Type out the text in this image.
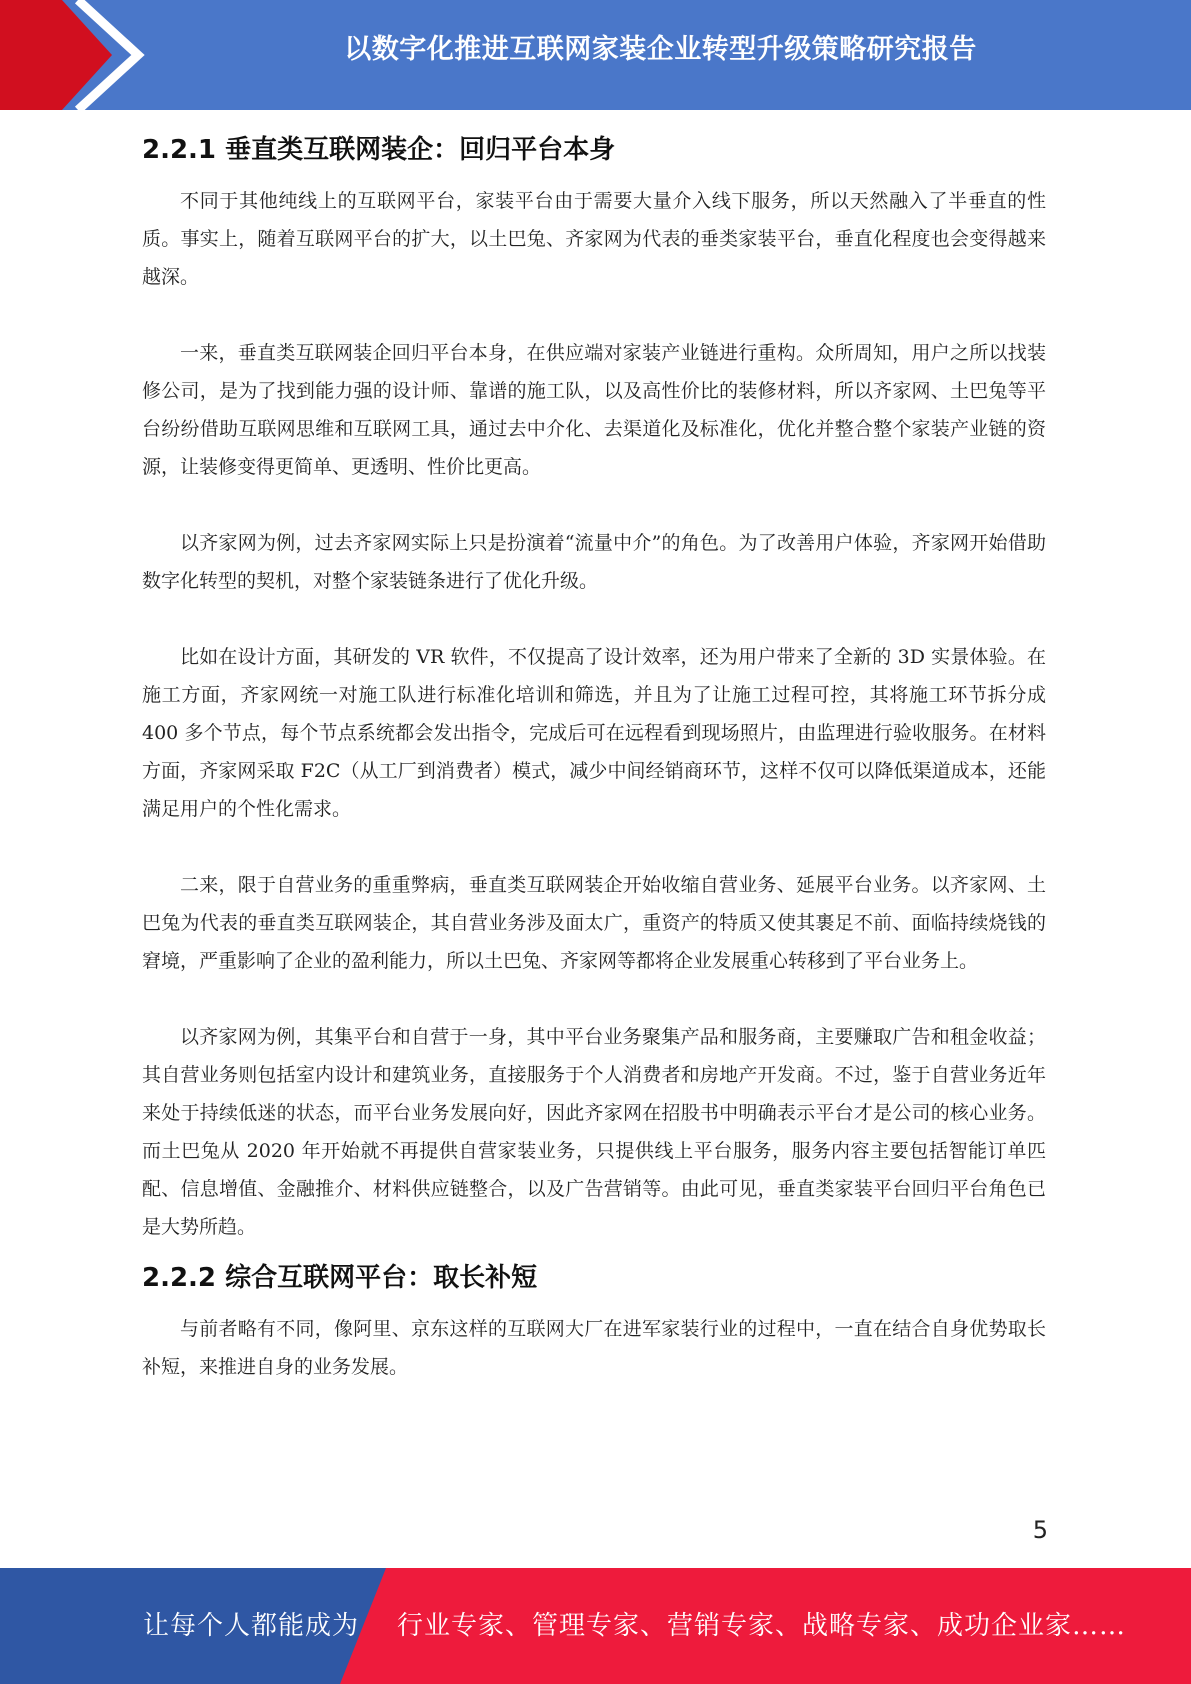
以数字化推进互联网家装企业转型升级策略研究报告
2.2.1 垂直类互联网装企：回归平台本身

不同于其他纯线上的互联网平台，家装平台由于需要大量介入线下服务，所以天然融入了半垂直的性质。事实上，随着互联网平台的扩大，以土巴兔、齐家网为代表的垂类家装平台，垂直化程度也会变得越来越深。

一来，垂直类互联网装企回归平台本身，在供应端对家装产业链进行重构。众所周知，用户之所以找装修公司，是为了找到能力强的设计师、靠谱的施工队，以及高性价比的装修材料，所以齐家网、土巴兔等平台纷纷借助互联网思维和互联网工具，通过去中介化、去渠道化及标准化，优化并整合整个家装产业链的资源，让装修变得更简单、更透明、性价比更高。

以齐家网为例，过去齐家网实际上只是扮演着“流量中介”的角色。为了改善用户体验，齐家网开始借助数字化转型的契机，对整个家装链条进行了优化升级。

比如在设计方面，其研发的 VR 软件，不仅提高了设计效率，还为用户带来了全新的 3D 实景体验。在施工方面，齐家网统一对施工队进行标准化培训和筛选，并且为了让施工过程可控，其将施工环节拆分成 400 多个节点，每个节点系统都会发出指令，完成后可在远程看到现场照片，由监理进行验收服务。在材料方面，齐家网采取 F2C（从工厂到消费者）模式，减少中间经销商环节，这样不仅可以降低渠道成本，还能满足用户的个性化需求。

二来，限于自营业务的重重弊病，垂直类互联网装企开始收缩自营业务、延展平台业务。以齐家网、土巴兔为代表的垂直类互联网装企，其自营业务涉及面太广，重资产的特质又使其裹足不前、面临持续烧钱的窘境，严重影响了企业的盈利能力，所以土巴兔、齐家网等都将企业发展重心转移到了平台业务上。

以齐家网为例，其集平台和自营于一身，其中平台业务聚集产品和服务商，主要赚取广告和租金收益；其自营业务则包括室内设计和建筑业务，直接服务于个人消费者和房地产开发商。不过，鉴于自营业务近年来处于持续低迷的状态，而平台业务发展向好，因此齐家网在招股书中明确表示平台才是公司的核心业务。而土巴兔从 2020 年开始就不再提供自营家装业务，只提供线上平台服务，服务内容主要包括智能订单匹配、信息增值、金融推介、材料供应链整合，以及广告营销等。由此可见，垂直类家装平台回归平台角色已是大势所趋。

2.2.2 综合互联网平台：取长补短

与前者略有不同，像阿里、京东这样的互联网大厂在进军家装行业的过程中，一直在结合自身优势取长补短，来推进自身的业务发展。

5
让每个人都能成为 行业专家、管理专家、营销专家、战略专家、成功企业家……
